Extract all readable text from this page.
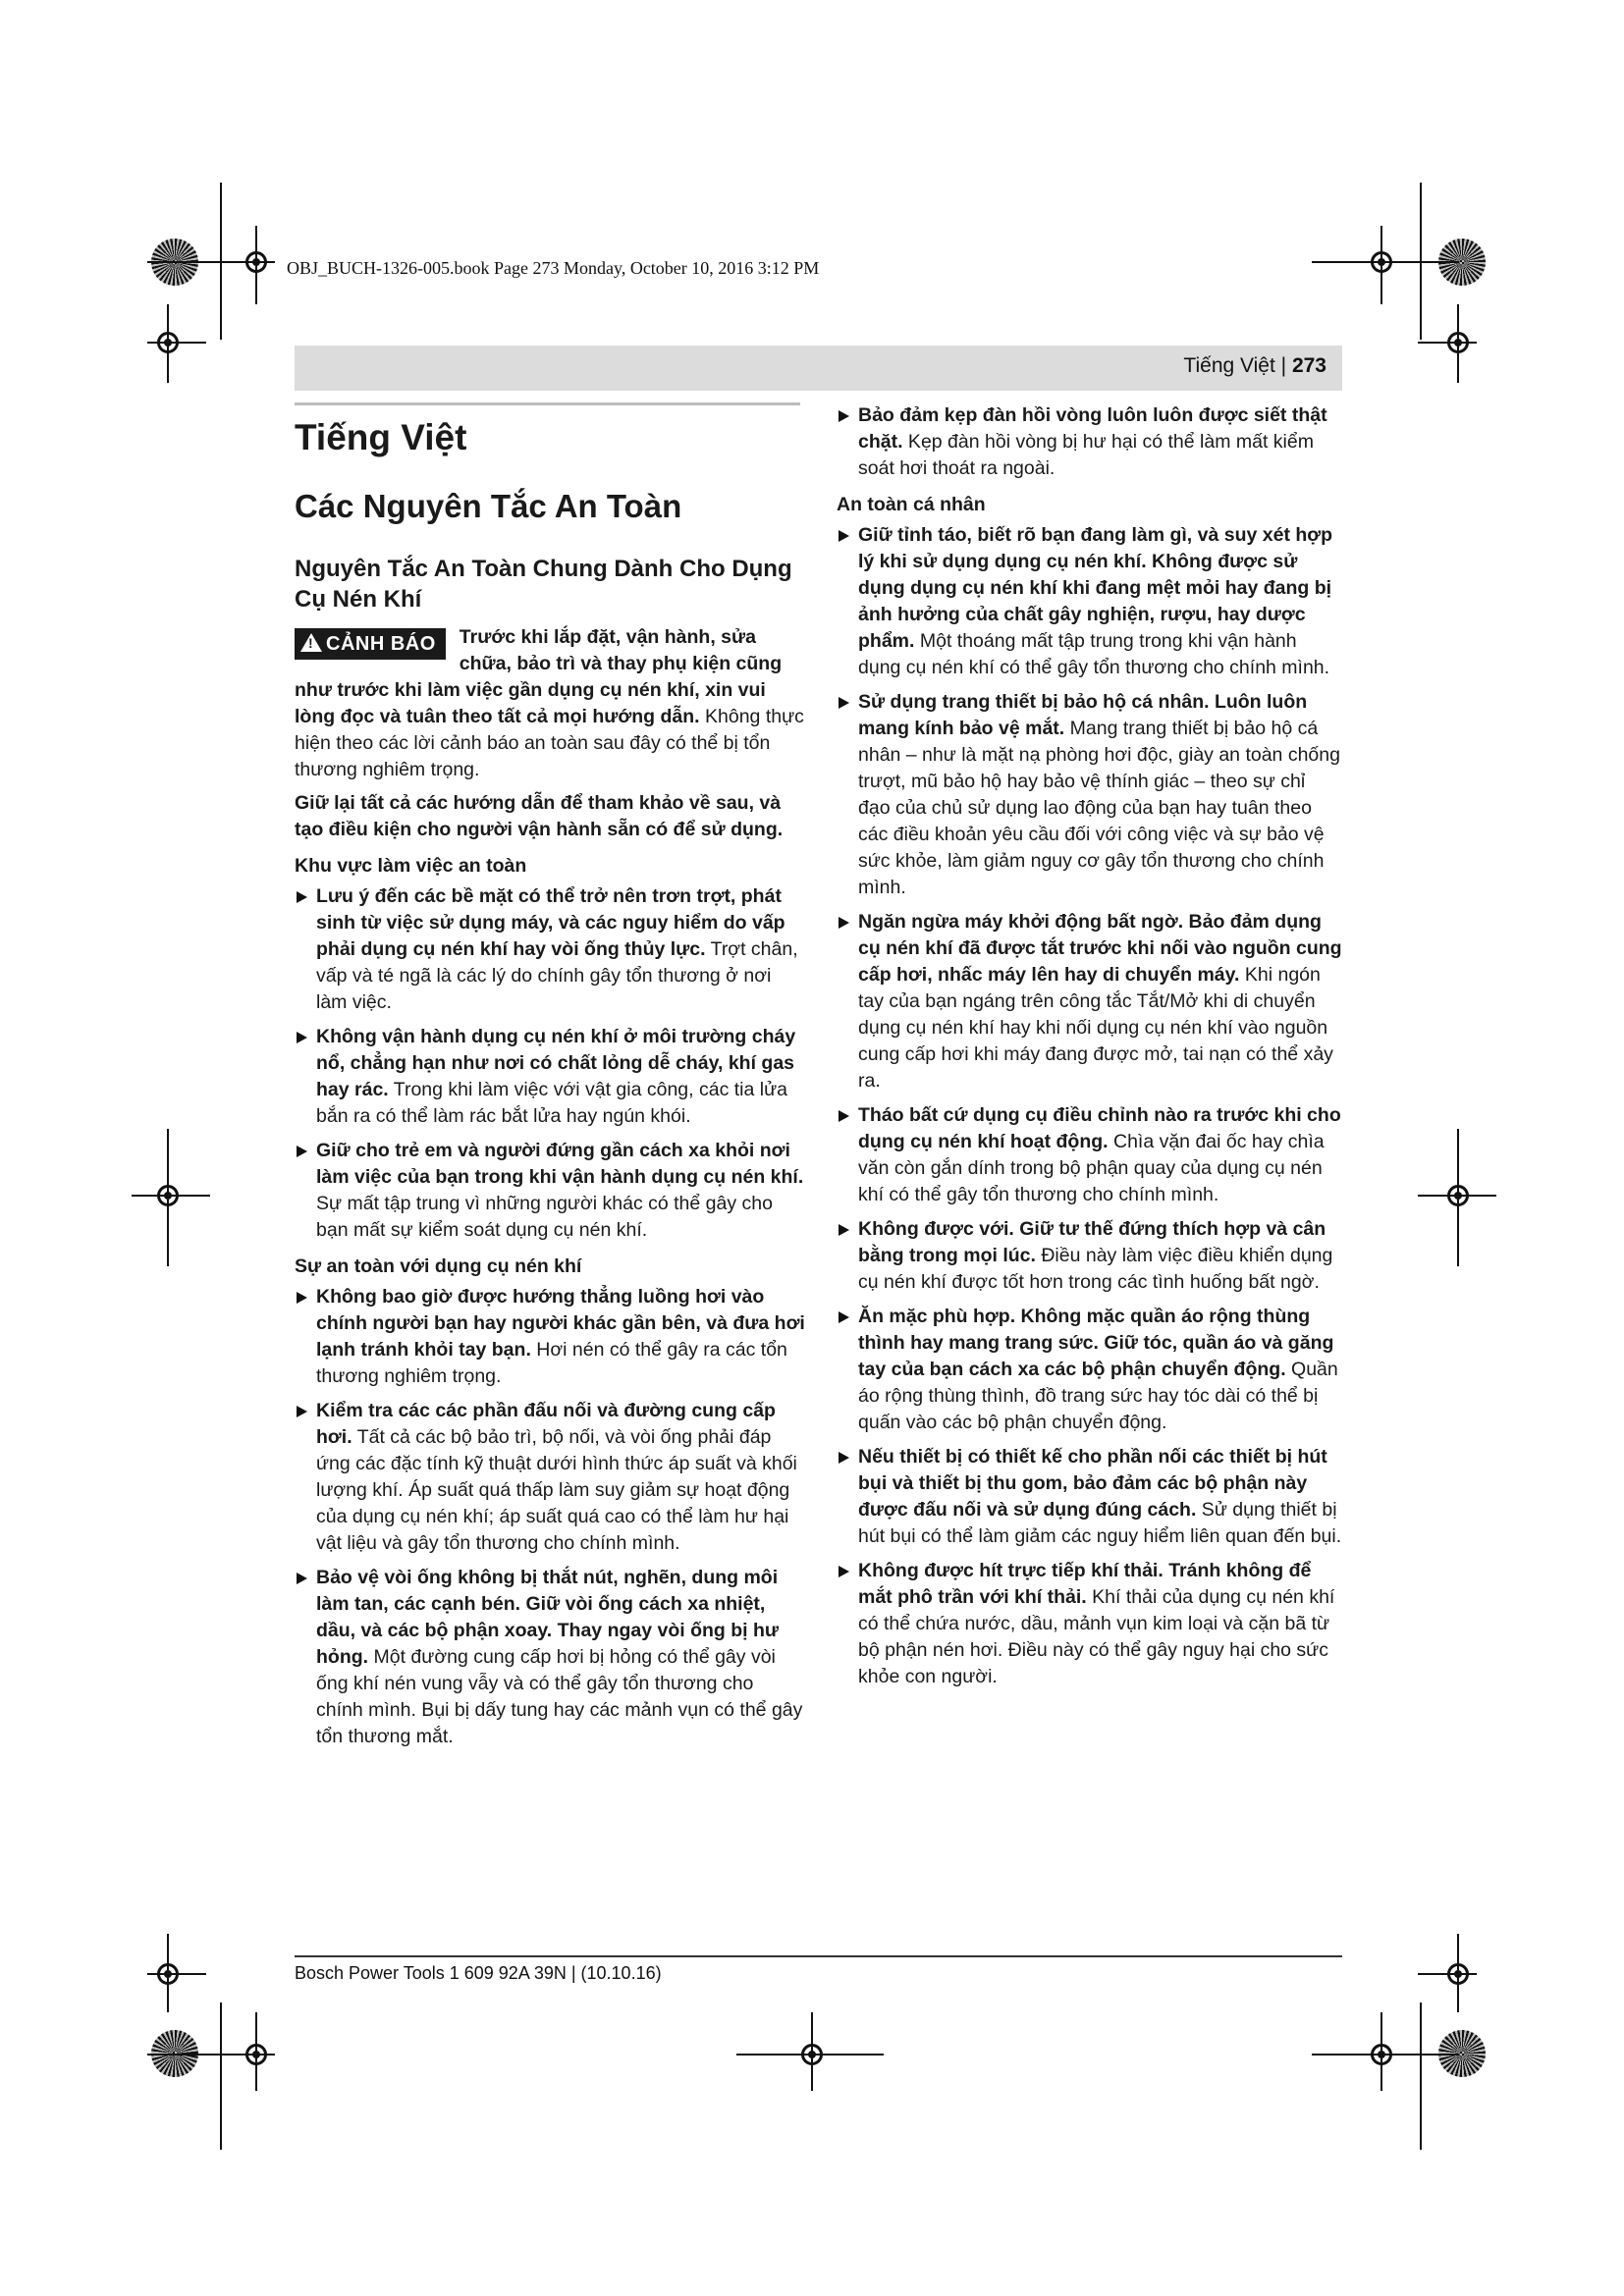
OBJ_BUCH-1326-005.book Page 273 Monday, October 10, 2016 3:12 PM
Tiếng Việt | 273
Tiếng Việt
Các Nguyên Tắc An Toàn
Nguyên Tắc An Toàn Chung Dành Cho Dụng Cụ Nén Khí
!CẢNH BÁO	Trước khi lắp đặt, vận hành, sửa chữa, bảo trì và thay phụ kiện cũng như trước khi làm việc gần dụng cụ nén khí, xin vui lòng đọc và tuân theo tất cả mọi hướng dẫn. Không thực hiện theo các lời cảnh báo an toàn sau đây có thể bị tổn thương nghiêm trọng.

Giữ lại tất cả các hướng dẫn để tham khảo về sau, và tạo điều kiện cho người vận hành sẵn có để sử dụng.

Khu vực làm việc an toàn
Lưu ý đến các bề mặt có thể trở nên trơn trợt, phát sinh từ việc sử dụng máy, và các nguy hiểm do vấp phải dụng cụ nén khí hay vòi ống thủy lực. Trợt chân, vấp và té ngã là các lý do chính gây tổn thương ở nơi làm việc.
Không vận hành dụng cụ nén khí ở môi trường cháy nổ, chẳng hạn như nơi có chất lỏng dễ cháy, khí gas hay rác. Trong khi làm việc với vật gia công, các tia lửa bắn ra có thể làm rác bắt lửa hay ngún khói.
Giữ cho trẻ em và người đứng gần cách xa khỏi nơi làm việc của bạn trong khi vận hành dụng cụ nén khí. Sự mất tập trung vì những người khác có thể gây cho bạn mất sự kiểm soát dụng cụ nén khí.
Sự an toàn với dụng cụ nén khí
Không bao giờ được hướng thẳng luồng hơi vào chính người bạn hay người khác gần bên, và đưa hơi lạnh tránh khỏi tay bạn. Hơi nén có thể gây ra các tổn thương nghiêm trọng.
Kiểm tra các các phần đấu nối và đường cung cấp hơi. Tất cả các bộ bảo trì, bộ nối, và vòi ống phải đáp ứng các đặc tính kỹ thuật dưới hình thức áp suất và khối lượng khí. Áp suất quá thấp làm suy giảm sự hoạt động của dụng cụ nén khí; áp suất quá cao có thể làm hư hại vật liệu và gây tổn thương cho chính mình.
Bảo vệ vòi ống không bị thắt nút, nghẽn, dung môi làm tan, các cạnh bén. Giữ vòi ống cách xa nhiệt, dầu, và các bộ phận xoay. Thay ngay vòi ống bị hư hỏng. Một đường cung cấp hơi bị hỏng có thể gây vòi ống khí nén vung vẫy và có thể gây tổn thương cho chính mình. Bụi bị dấy tung hay các mảnh vụn có thể gây tổn thương mắt.
Bảo đảm kẹp đàn hồi vòng luôn luôn được siết thật chặt. Kẹp đàn hồi vòng bị hư hại có thể làm mất kiểm soát hơi thoát ra ngoài.
An toàn cá nhân
Giữ tỉnh táo, biết rõ bạn đang làm gì, và suy xét hợp lý khi sử dụng dụng cụ nén khí. Không được sử dụng dụng cụ nén khí khi đang mệt mỏi hay đang bị ảnh hưởng của chất gây nghiện, rượu, hay dược phẩm. Một thoáng mất tập trung trong khi vận hành dụng cụ nén khí có thể gây tổn thương cho chính mình.
Sử dụng trang thiết bị bảo hộ cá nhân. Luôn luôn mang kính bảo vệ mắt. Mang trang thiết bị bảo hộ cá nhân – như là mặt nạ phòng hơi độc, giày an toàn chống trượt, mũ bảo hộ hay bảo vệ thính giác – theo sự chỉ đạo của chủ sử dụng lao động của bạn hay tuân theo các điều khoản yêu cầu đối với công việc và sự bảo vệ sức khỏe, làm giảm nguy cơ gây tổn thương cho chính mình.
Ngăn ngừa máy khởi động bất ngờ. Bảo đảm dụng cụ nén khí đã được tắt trước khi nối vào nguồn cung cấp hơi, nhấc máy lên hay di chuyển máy. Khi ngón tay của bạn ngáng trên công tắc Tắt/Mở khi di chuyển dụng cụ nén khí hay khi nối dụng cụ nén khí vào nguồn cung cấp hơi khi máy đang được mở, tai nạn có thể xảy ra.
Tháo bất cứ dụng cụ điều chỉnh nào ra trước khi cho dụng cụ nén khí hoạt động. Chìa vặn đai ốc hay chìa văn còn gắn dính trong bộ phận quay của dụng cụ nén khí có thể gây tổn thương cho chính mình.
Không được với. Giữ tư thế đứng thích hợp và cân bằng trong mọi lúc. Điều này làm việc điều khiển dụng cụ nén khí được tốt hơn trong các tình huống bất ngờ.
Ăn mặc phù hợp. Không mặc quần áo rộng thùng thình hay mang trang sức. Giữ tóc, quần áo và găng tay của bạn cách xa các bộ phận chuyển động. Quần áo rộng thùng thình, đồ trang sức hay tóc dài có thể bị quấn vào các bộ phận chuyển động.
Nếu thiết bị có thiết kế cho phần nối các thiết bị hút bụi và thiết bị thu gom, bảo đảm các bộ phận này được đấu nối và sử dụng đúng cách. Sử dụng thiết bị hút bụi có thể làm giảm các nguy hiểm liên quan đến bụi.
Không được hít trực tiếp khí thải. Tránh không để mắt phô trần với khí thải. Khí thải của dụng cụ nén khí có thể chứa nước, dầu, mảnh vụn kim loại và cặn bã từ bộ phận nén hơi. Điều này có thể gây nguy hại cho sức khỏe con người.
Bosch Power Tools 1 609 92A 39N | (10.10.16)
